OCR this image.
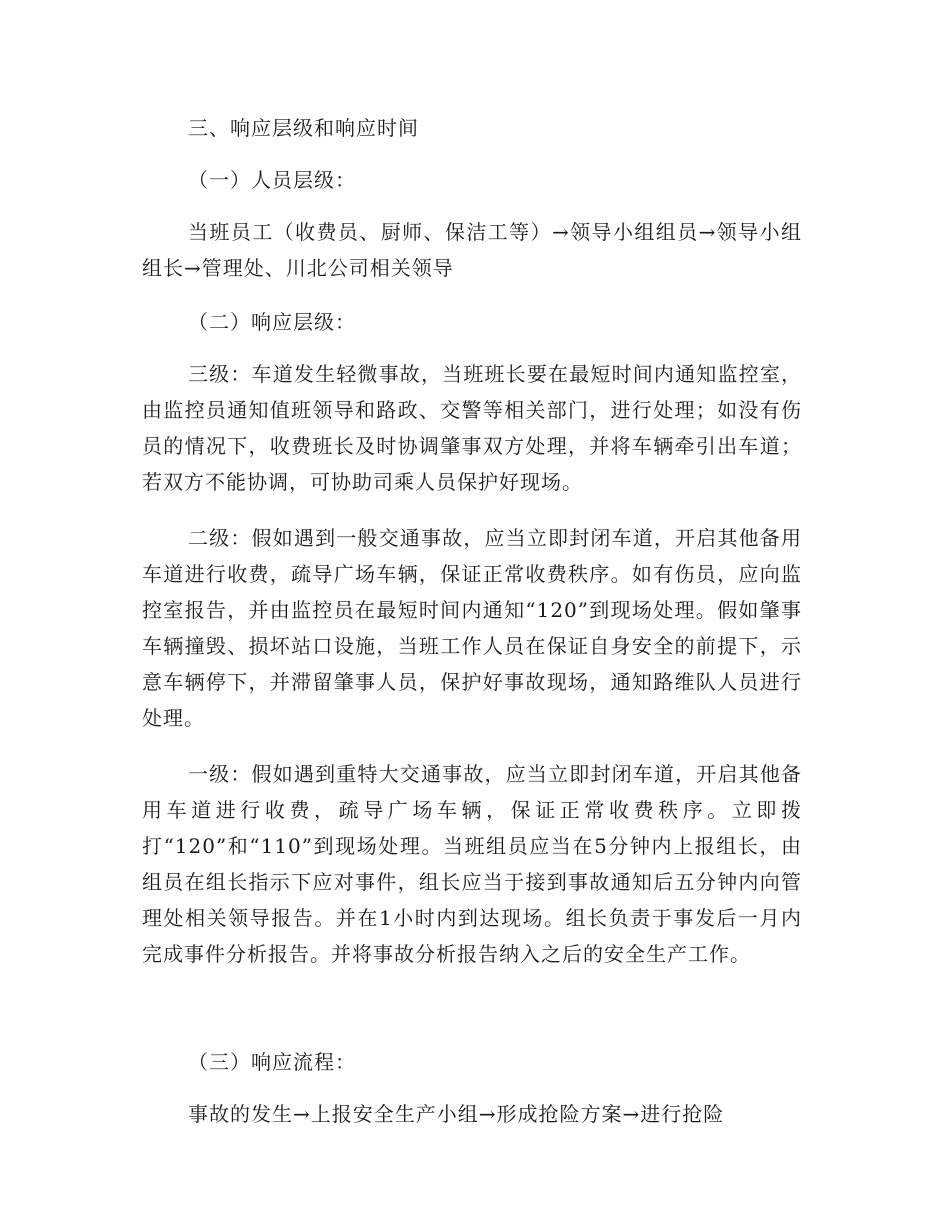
三、响应层级和响应时间

（一）人员层级：

当班员工（收费员、厨师、保洁工等）→领导小组组员→领导小组组长→管理处、川北公司相关领导

（二）响应层级：

三级：车道发生轻微事故，当班班长要在最短时间内通知监控室，由监控员通知值班领导和路政、交警等相关部门，进行处理；如没有伤员的情况下，收费班长及时协调肇事双方处理，并将车辆牵引出车道；若双方不能协调，可协助司乘人员保护好现场。

二级：假如遇到一般交通事故，应当立即封闭车道，开启其他备用车道进行收费，疏导广场车辆，保证正常收费秩序。如有伤员，应向监控室报告，并由监控员在最短时间内通知“120”到现场处理。假如肇事车辆撞毁、损坏站口设施，当班工作人员在保证自身安全的前提下，示意车辆停下，并滞留肇事人员，保护好事故现场，通知路维队人员进行处理。

一级：假如遇到重特大交通事故，应当立即封闭车道，开启其他备用车道进行收费，疏导广场车辆，保证正常收费秩序。立即拨打“120”和“110”到现场处理。当班组员应当在5分钟内上报组长，由组员在组长指示下应对事件，组长应当于接到事故通知后五分钟内向管理处相关领导报告。并在1小时内到达现场。组长负责于事发后一月内完成事件分析报告。并将事故分析报告纳入之后的安全生产工作。

（三）响应流程：

事故的发生→上报安全生产小组→形成抢险方案→进行抢险
